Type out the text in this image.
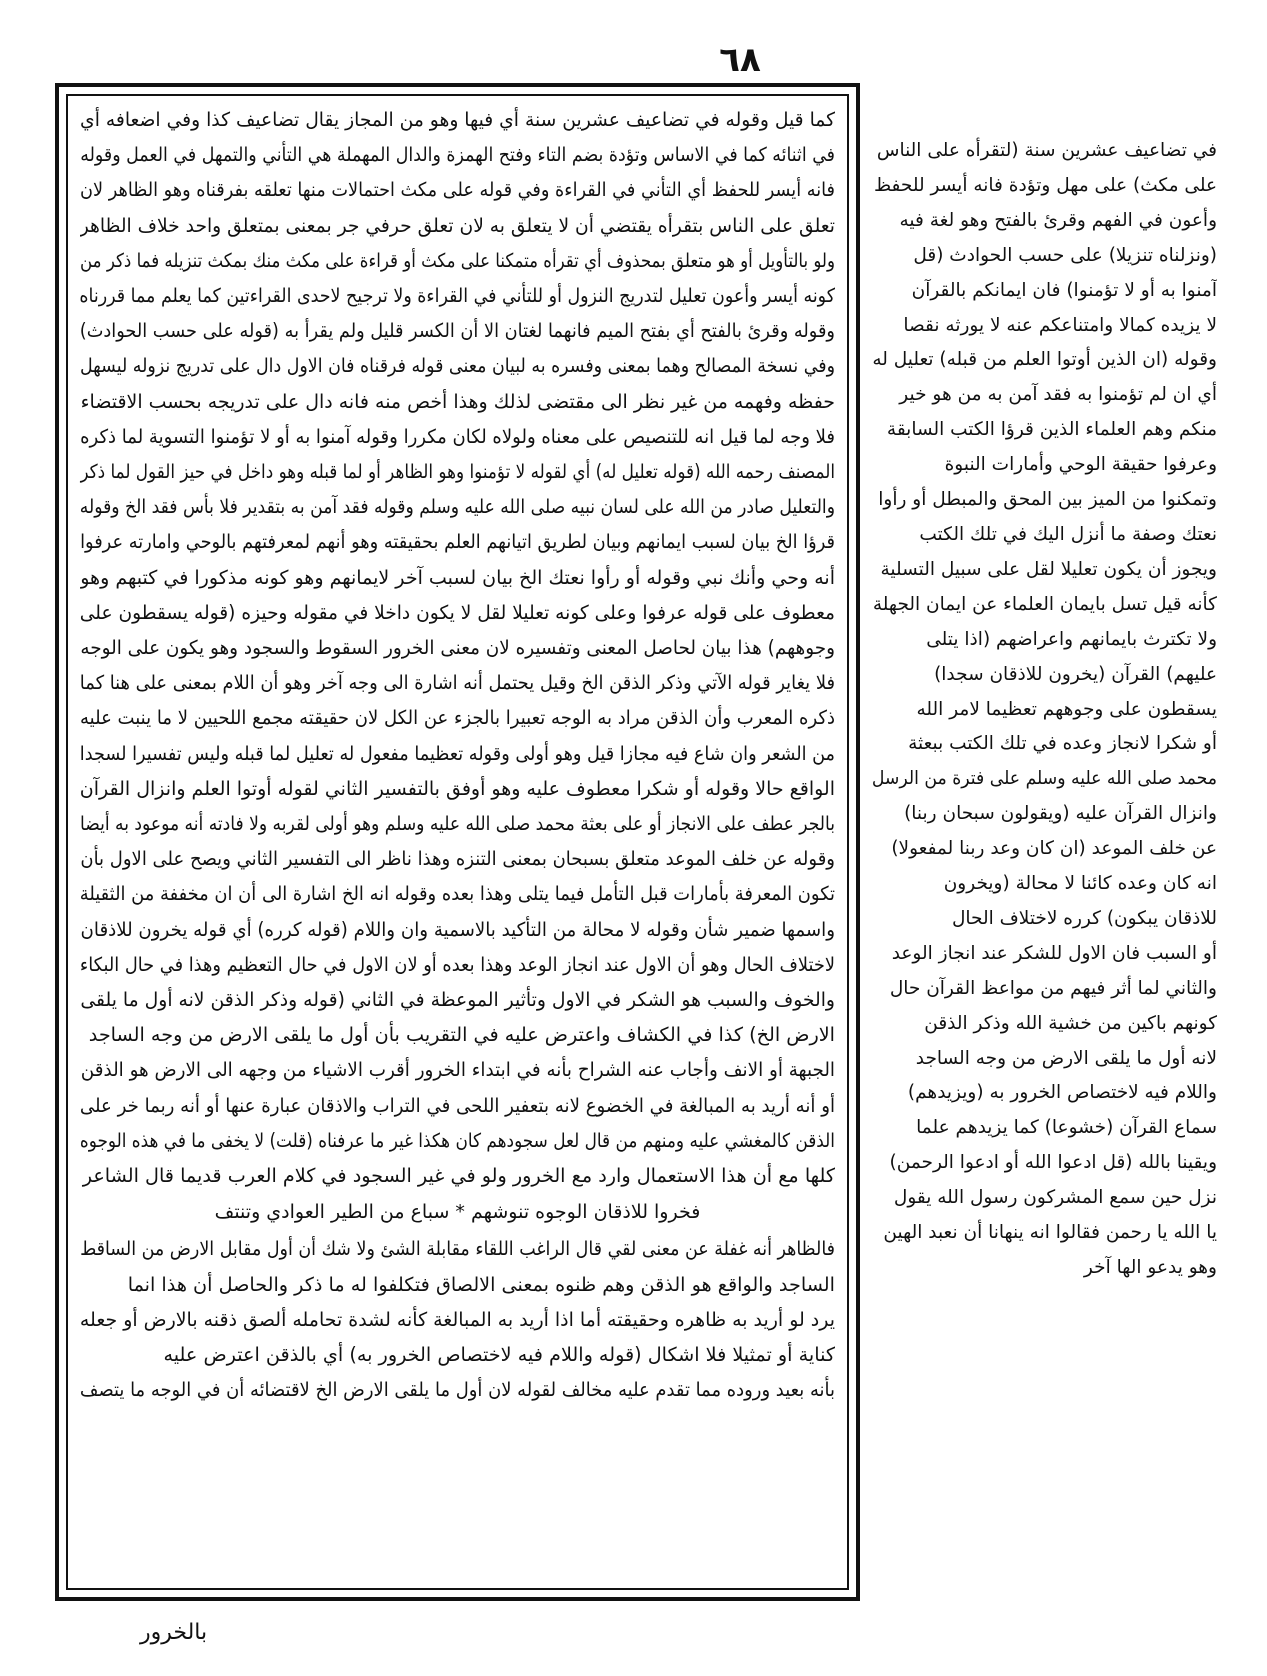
٦٨
كما قيل وقوله في تضاعيف عشرين سنة أي فيها وهو من المجاز يقال تضاعيف كذا وفي اضعافه أي
في اثنائه كما في الاساس وتؤدة بضم التاء وفتح الهمزة والدال المهملة هي التأني والتمهل في العمل وقوله
فانه أيسر للحفظ أي التأني في القراءة وفي قوله على مكث احتمالات منها تعلقه بفرقناه وهو الظاهر لان
تعلق على الناس بتقرأه يقتضي أن لا يتعلق به لان تعلق حرفي جر بمعنى بمتعلق واحد خلاف الظاهر
ولو بالتأويل أو هو متعلق بمحذوف أي تقرأه متمكنا على مكث أو قراءة على مكث منك بمكث تنزيله فما ذكر من
كونه أيسر وأعون تعليل لتدريج النزول أو للتأني في القراءة ولا ترجيح لاحدى القراءتين كما يعلم مما قررناه
وقوله وقرئ بالفتح أي بفتح الميم فانهما لغتان الا أن الكسر قليل ولم يقرأ به (قوله على حسب الحوادث)
وفي نسخة المصالح وهما بمعنى وفسره به لبيان معنى قوله فرقناه فان الاول دال على تدريج نزوله ليسهل
حفظه وفهمه من غير نظر الى مقتضى لذلك وهذا أخص منه فانه دال على تدريجه بحسب الاقتضاء
فلا وجه لما قيل انه للتنصيص على معناه ولولاه لكان مكررا وقوله آمنوا به أو لا تؤمنوا التسوية لما ذكره
المصنف رحمه الله (قوله تعليل له) أي لقوله لا تؤمنوا وهو الظاهر أو لما قبله وهو داخل في حيز القول لما ذكر
والتعليل صادر من الله على لسان نبيه صلى الله عليه وسلم وقوله فقد آمن به بتقدير فلا بأس فقد الخ وقوله
قرؤا الخ بيان لسبب ايمانهم وبيان لطريق اتيانهم العلم بحقيقته وهو أنهم لمعرفتهم بالوحي وامارته عرفوا
أنه وحي وأنك نبي وقوله أو رأوا نعتك الخ بيان لسبب آخر لايمانهم وهو كونه مذكورا في كتبهم وهو
معطوف على قوله عرفوا وعلى كونه تعليلا لقل لا يكون داخلا في مقوله وحيزه (قوله يسقطون على
وجوههم) هذا بيان لحاصل المعنى وتفسيره لان معنى الخرور السقوط والسجود وهو يكون على الوجه
فلا يغاير قوله الآتي وذكر الذقن الخ وقيل يحتمل أنه اشارة الى وجه آخر وهو أن اللام بمعنى على هنا كما
ذكره المعرب وأن الذقن مراد به الوجه تعبيرا بالجزء عن الكل لان حقيقته مجمع اللحيين لا ما ينبت عليه
من الشعر وان شاع فيه مجازا قيل وهو أولى وقوله تعظيما مفعول له تعليل لما قبله وليس تفسيرا لسجدا
الواقع حالا وقوله أو شكرا معطوف عليه وهو أوفق بالتفسير الثاني لقوله أوتوا العلم وانزال القرآن
بالجر عطف على الانجاز أو على بعثة محمد صلى الله عليه وسلم وهو أولى لقربه ولا فادته أنه موعود به أيضا
وقوله عن خلف الموعد متعلق بسبحان بمعنى التنزه وهذا ناظر الى التفسير الثاني ويصح على الاول بأن
تكون المعرفة بأمارات قبل التأمل فيما يتلى وهذا بعده وقوله انه الخ اشارة الى أن ان مخففة من الثقيلة
واسمها ضمير شأن وقوله لا محالة من التأكيد بالاسمية وان واللام (قوله كرره) أي قوله يخرون للاذقان
لاختلاف الحال وهو أن الاول عند انجاز الوعد وهذا بعده أو لان الاول في حال التعظيم وهذا في حال البكاء
والخوف والسبب هو الشكر في الاول وتأثير الموعظة في الثاني (قوله وذكر الذقن لانه أول ما يلقى
الارض الخ) كذا في الكشاف واعترض عليه في التقريب بأن أول ما يلقى الارض من وجه الساجد
الجبهة أو الانف وأجاب عنه الشراح بأنه في ابتداء الخرور أقرب الاشياء من وجهه الى الارض هو الذقن
أو أنه أريد به المبالغة في الخضوع لانه بتعفير اللحى في التراب والاذقان عبارة عنها أو أنه ربما خر على
الذقن كالمغشي عليه ومنهم من قال لعل سجودهم كان هكذا غير ما عرفناه (قلت) لا يخفى ما في هذه الوجوه
كلها مع أن هذا الاستعمال وارد مع الخرور ولو في غير السجود في كلام العرب قديما قال الشاعر
فخروا للاذقان الوجوه تنوشهم * سباع من الطير العوادي وتنتف
فالظاهر أنه غفلة عن معنى لقي قال الراغب اللقاء مقابلة الشئ ولا شك أن أول مقابل الارض من الساقط
الساجد والواقع هو الذقن وهم ظنوه بمعنى الالصاق فتكلفوا له ما ذكر والحاصل أن هذا انما
يرد لو أريد به ظاهره وحقيقته أما اذا أريد به المبالغة كأنه لشدة تحامله ألصق ذقنه بالارض أو جعله
كناية أو تمثيلا فلا اشكال (قوله واللام فيه لاختصاص الخرور به) أي بالذقن اعترض عليه
بأنه بعيد وروده مما تقدم عليه مخالف لقوله لان أول ما يلقى الارض الخ لاقتضائه أن في الوجه ما يتصف
في تضاعيف عشرين سنة (لتقرأه على الناس
على مكث) على مهل وتؤدة فانه أيسر للحفظ
وأعون في الفهم وقرئ بالفتح وهو لغة فيه
(ونزلناه تنزيلا) على حسب الحوادث (قل
آمنوا به أو لا تؤمنوا) فان ايمانكم بالقرآن
لا يزيده كمالا وامتناعكم عنه لا يورثه نقصا
وقوله (ان الذين أوتوا العلم من قبله) تعليل له
أي ان لم تؤمنوا به فقد آمن به من هو خير
منكم وهم العلماء الذين قرؤا الكتب السابقة
وعرفوا حقيقة الوحي وأمارات النبوة
وتمكنوا من الميز بين المحق والمبطل أو رأوا
نعتك وصفة ما أنزل اليك في تلك الكتب
ويجوز أن يكون تعليلا لقل على سبيل التسلية
كأنه قيل تسل بايمان العلماء عن ايمان الجهلة
ولا تكترث بايمانهم واعراضهم (اذا يتلى
عليهم) القرآن (يخرون للاذقان سجدا)
يسقطون على وجوههم تعظيما لامر الله
أو شكرا لانجاز وعده في تلك الكتب ببعثة
محمد صلى الله عليه وسلم على فترة من الرسل
وانزال القرآن عليه (ويقولون سبحان ربنا)
عن خلف الموعد (ان كان وعد ربنا لمفعولا)
انه كان وعده كائنا لا محالة (ويخرون
للاذقان يبكون) كرره لاختلاف الحال
أو السبب فان الاول للشكر عند انجاز الوعد
والثاني لما أثر فيهم من مواعظ القرآن حال
كونهم باكين من خشية الله وذكر الذقن
لانه أول ما يلقى الارض من وجه الساجد
واللام فيه لاختصاص الخرور به (ويزيدهم)
سماع القرآن (خشوعا) كما يزيدهم علما
ويقينا بالله (قل ادعوا الله أو ادعوا الرحمن)
نزل حين سمع المشركون رسول الله يقول
يا الله يا رحمن فقالوا انه ينهانا أن نعبد الهين
وهو يدعو الها آخر
بالخرور
